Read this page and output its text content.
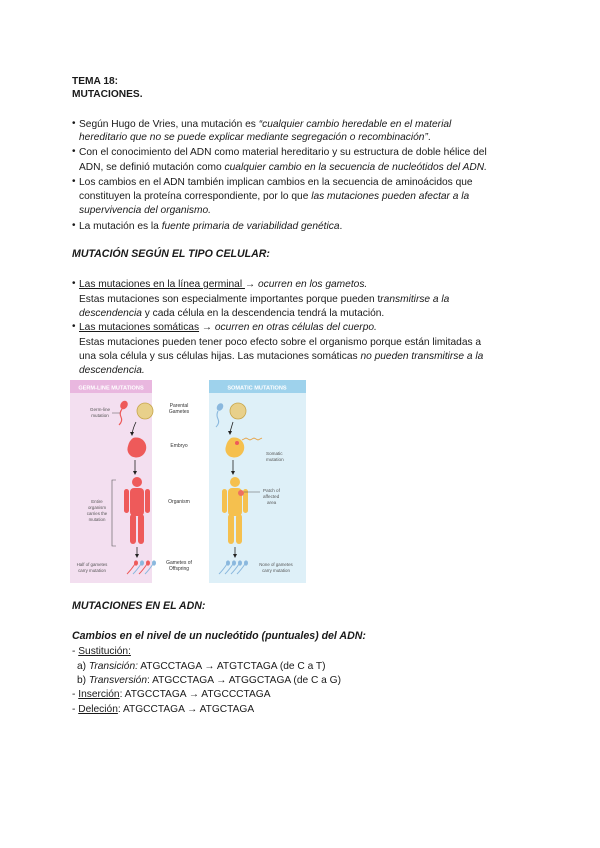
TEMA 18:
MUTACIONES.
• Según Hugo de Vries, una mutación es “cualquier cambio heredable en el material
hereditario que no se puede explicar mediante segregación o recombinación”.
• Con el conocimiento del ADN como material hereditario y su estructura de doble hélice del
ADN, se definió mutación como cualquier cambio en la secuencia de nucleótidos del ADN.
• Los cambios en el ADN también implican cambios en la secuencia de aminoácidos que
constituyen la proteína correspondiente, por lo que las mutaciones pueden afectar a la
supervivencia del organismo.
• La mutación es la fuente primaria de variabilidad genética.
MUTACIÓN SEGÚN EL TIPO CELULAR:
• Las mutaciones en la línea germinal → ocurren en los gametos.
Estas mutaciones son especialmente importantes porque pueden transmitirse a la
descendencia y cada célula en la descendencia tendrá la mutación.
• Las mutaciones somáticas → ocurren en otras células del cuerpo.
Estas mutaciones pueden tener poco efecto sobre el organismo porque están limitadas a
una sola célula y sus células hijas. Las mutaciones somáticas no pueden transmitirse a la
descendencia.
GERM-LINE MUTATIONS	SOMATIC MUTATIONS
Parental
Gametes
Embryo
Organism
Gametes of
Offspring
Germ-line
mutation
Entire
organism
carries the
mutation
Half of gametes
carry mutation
Somatic
mutation
Patch of
affected
area
None of gametes
carry mutation
MUTACIONES EN EL ADN:
Cambios en el nivel de un nucleótido (puntuales) del ADN:
- Sustitución:
a) Transición: ATGCCTAGA → ATGTCTAGA (de C a T)
b) Transversión: ATGCCTAGA → ATGGCTAGA (de C a G)
- Inserción: ATGCCTAGA → ATGCCCTAGA
- Deleción: ATGCCTAGA → ATGCTAGA
